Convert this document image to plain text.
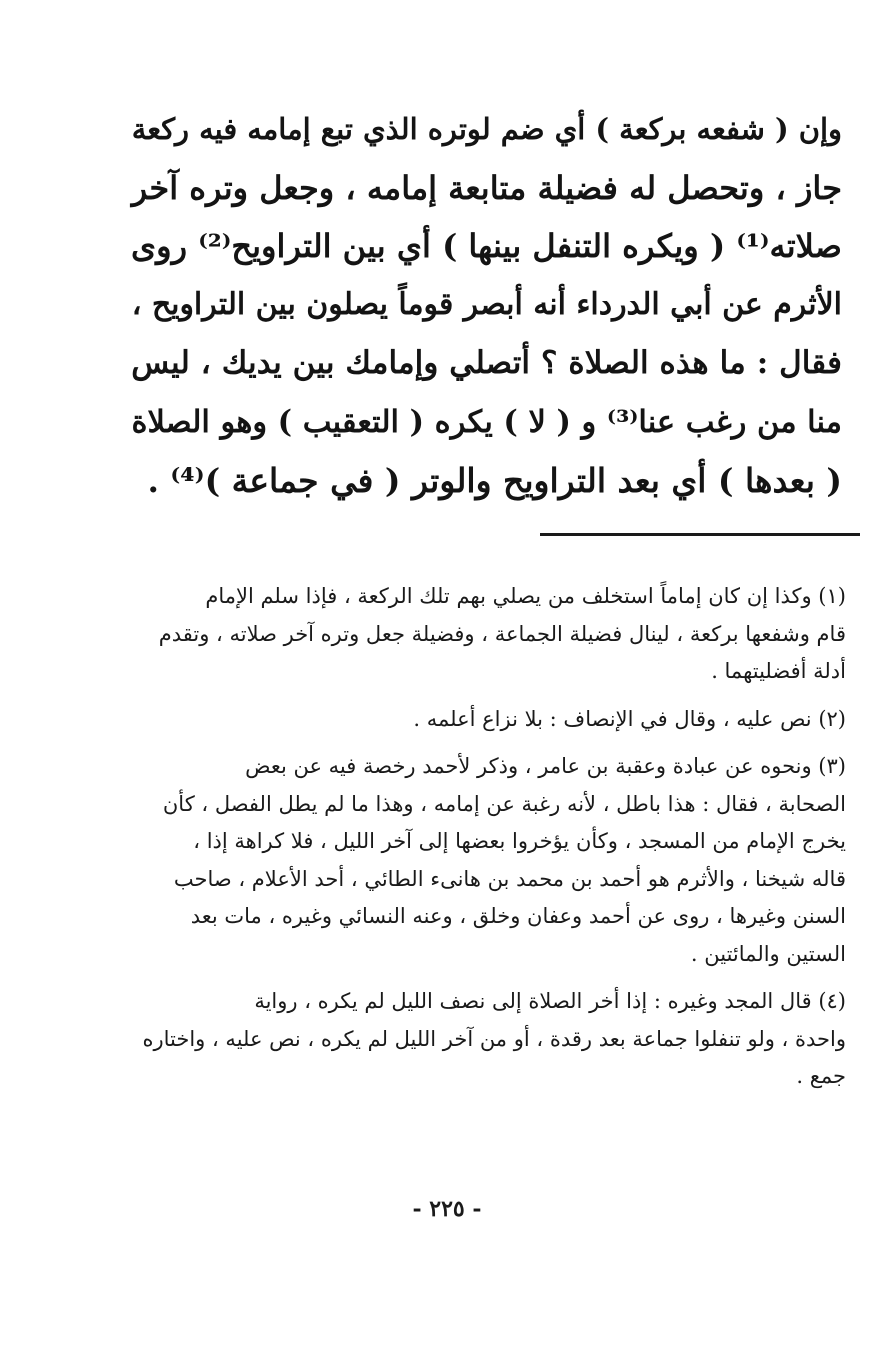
وإن ( شفعه بركعة ) أي ضم لوتره الذي تبع إمامه فيه ركعة
جاز ، وتحصل له فضيلة متابعة إمامه ، وجعل وتره آخر
صلاته⁽¹⁾ ( ويكره التنفل بينها ) أي بين التراويح⁽²⁾ روى
الأثرم عن أبي الدرداء أنه أبصر قوماً يصلون بين التراويح ،
فقال : ما هذه الصلاة ؟ أتصلي وإمامك بين يديك ، ليس
منا من رغب عنا⁽³⁾ و ( لا ) يكره ( التعقيب ) وهو الصلاة
( بعدها ) أي بعد التراويح والوتر ( في جماعة )⁽⁴⁾ .
(١) وكذا إن كان إماماً استخلف من يصلي بهم تلك الركعة ، فإذا سلم الإمام
قام وشفعها بركعة ، لينال فضيلة الجماعة ، وفضيلة جعل وتره آخر صلاته ، وتقدم
أدلة أفضليتهما .
(٢) نص عليه ، وقال في الإنصاف : بلا نزاع أعلمه .
(٣) ونحوه عن عبادة وعقبة بن عامر ، وذكر لأحمد رخصة فيه عن بعض
الصحابة ، فقال : هذا باطل ، لأنه رغبة عن إمامه ، وهذا ما لم يطل الفصل ، كأن
يخرج الإمام من المسجد ، وكأن يؤخروا بعضها إلى آخر الليل ، فلا كراهة إذا ،
قاله شيخنا ، والأثرم هو أحمد بن محمد بن هانىء الطائي ، أحد الأعلام ، صاحب
السنن وغيرها ، روى عن أحمد وعفان وخلق ، وعنه النسائي وغيره ، مات بعد
الستين والمائتين .
(٤) قال المجد وغيره : إذا أخر الصلاة إلى نصف الليل لم يكره ، رواية
واحدة ، ولو تنفلوا جماعة بعد رقدة ، أو من آخر الليل لم يكره ، نص عليه ، واختاره
جمع .
- ٢٢٥ -
